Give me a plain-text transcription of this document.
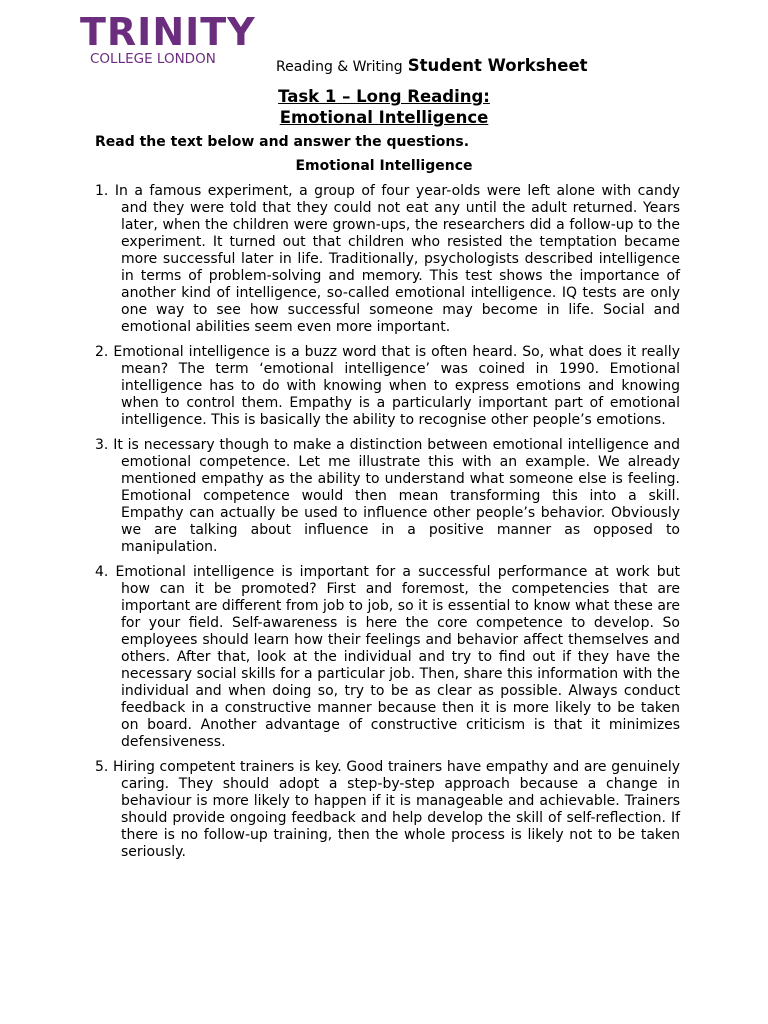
TRINITY
COLLEGE LONDON	Reading & Writing Student Worksheet
Task 1 – Long Reading:
Emotional Intelligence
Read the text below and answer the questions.
Emotional Intelligence

1. In a famous experiment, a group of four year-olds were left alone with candy and they were told that they could not eat any until the adult returned. Years later, when the children were grown-ups, the researchers did a follow-up to the experiment. It turned out that children who resisted the temptation became more successful later in life. Traditionally, psychologists described intelligence in terms of problem-solving and memory. This test shows the importance of another kind of intelligence, so-called emotional intelligence. IQ tests are only one way to see how successful someone may become in life. Social and emotional abilities seem even more important.

2. Emotional intelligence is a buzz word that is often heard. So, what does it really mean? The term ‘emotional intelligence’ was coined in 1990. Emotional intelligence has to do with knowing when to express emotions and knowing when to control them. Empathy is a particularly important part of emotional intelligence. This is basically the ability to recognise other people’s emotions.

3. It is necessary though to make a distinction between emotional intelligence and emotional competence. Let me illustrate this with an example. We already mentioned empathy as the ability to understand what someone else is feeling. Emotional competence would then mean transforming this into a skill. Empathy can actually be used to influence other people’s behavior. Obviously we are talking about influence in a positive manner as opposed to manipulation.

4. Emotional intelligence is important for a successful performance at work but how can it be promoted? First and foremost, the competencies that are important are different from job to job, so it is essential to know what these are for your field. Self-awareness is here the core competence to develop. So employees should learn how their feelings and behavior affect themselves and others. After that, look at the individual and try to find out if they have the necessary social skills for a particular job. Then, share this information with the individual and when doing so, try to be as clear as possible. Always conduct feedback in a constructive manner because then it is more likely to be taken on board. Another advantage of constructive criticism is that it minimizes defensiveness.

5. Hiring competent trainers is key. Good trainers have empathy and are genuinely caring. They should adopt a step-by-step approach because a change in behaviour is more likely to happen if it is manageable and achievable. Trainers should provide ongoing feedback and help develop the skill of self-reflection. If there is no follow-up training, then the whole process is likely not to be taken seriously.
